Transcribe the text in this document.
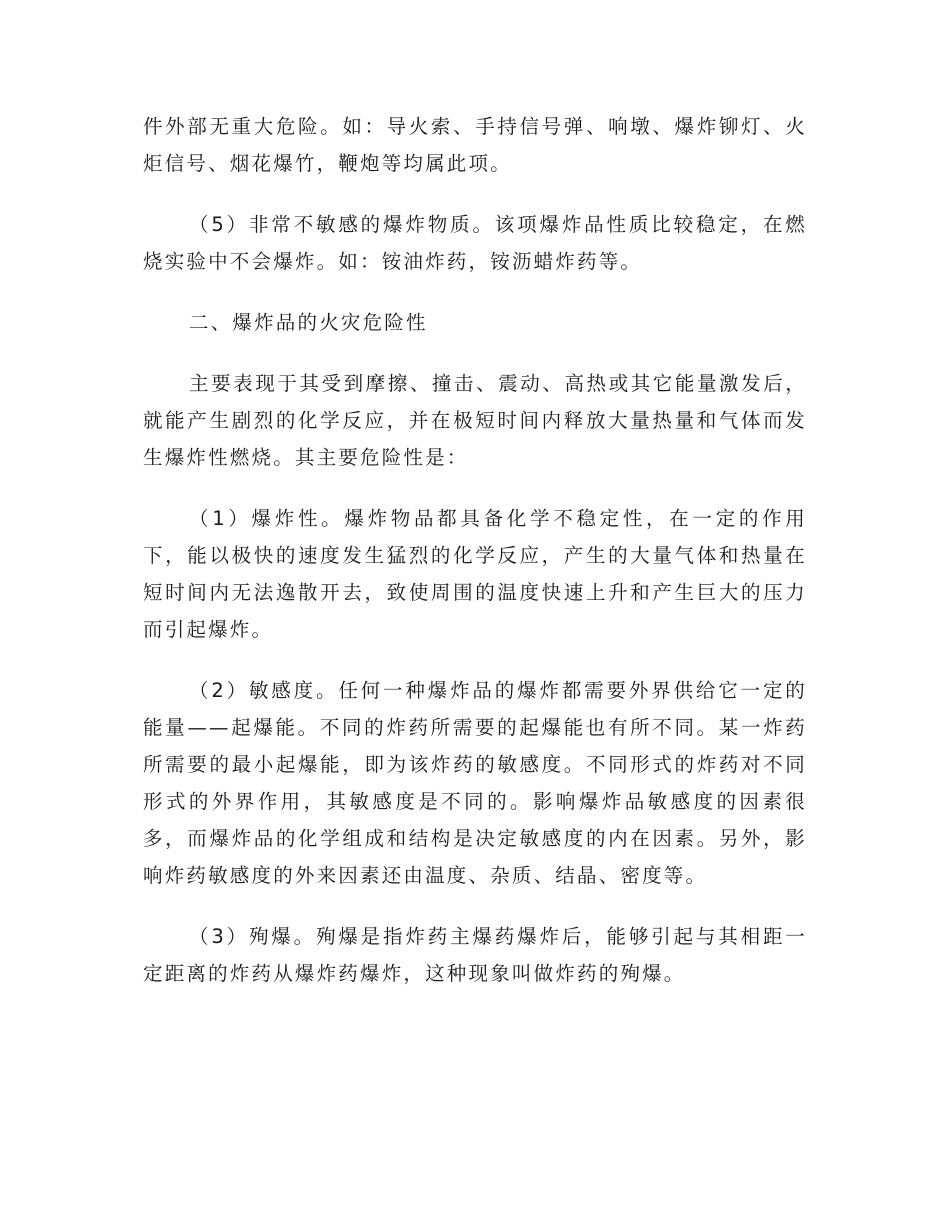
件外部无重大危险。如：导火索、手持信号弹、响墩、爆炸铆灯、火炬信号、烟花爆竹，鞭炮等均属此项。

（5）非常不敏感的爆炸物质。该项爆炸品性质比较稳定，在燃烧实验中不会爆炸。如：铵油炸药，铵沥蜡炸药等。

二、爆炸品的火灾危险性

主要表现于其受到摩擦、撞击、震动、高热或其它能量激发后，就能产生剧烈的化学反应，并在极短时间内释放大量热量和气体而发生爆炸性燃烧。其主要危险性是：

（1）爆炸性。爆炸物品都具备化学不稳定性，在一定的作用下，能以极快的速度发生猛烈的化学反应，产生的大量气体和热量在短时间内无法逸散开去，致使周围的温度快速上升和产生巨大的压力而引起爆炸。

（2）敏感度。任何一种爆炸品的爆炸都需要外界供给它一定的能量——起爆能。不同的炸药所需要的起爆能也有所不同。某一炸药所需要的最小起爆能，即为该炸药的敏感度。不同形式的炸药对不同形式的外界作用，其敏感度是不同的。影响爆炸品敏感度的因素很多，而爆炸品的化学组成和结构是决定敏感度的内在因素。另外，影响炸药敏感度的外来因素还由温度、杂质、结晶、密度等。

（3）殉爆。殉爆是指炸药主爆药爆炸后，能够引起与其相距一定距离的炸药从爆炸药爆炸，这种现象叫做炸药的殉爆。
